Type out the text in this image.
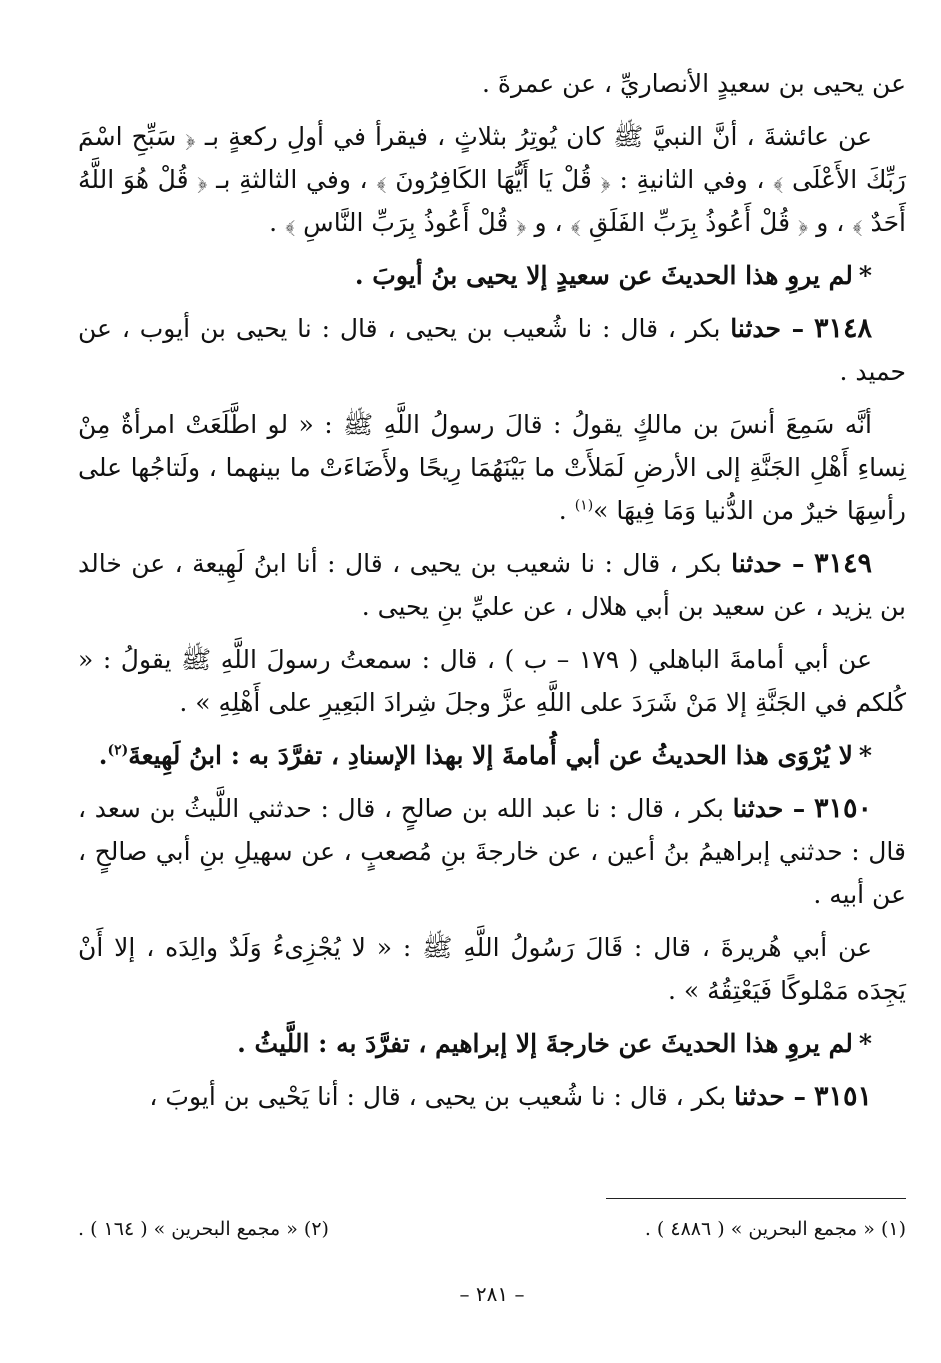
عن يحيى بن سعيدٍ الأنصاريِّ ، عن عمرةَ .

عن عائشةَ ، أنَّ النبيَّ ﷺ كان يُوتِرُ بثلاثٍ ، فيقرأ في أولِ ركعةٍ بـ ﴿ سَبِّحِ اسْمَ رَبِّكَ الأَعْلَى ﴾ ، وفي الثانيةِ : ﴿ قُلْ يَا أَيُّهَا الكَافِرُونَ ﴾ ، وفي الثالثةِ بـ ﴿ قُلْ هُوَ اللَّهُ أَحَدٌ ﴾ ، و ﴿ قُلْ أَعُوذُ بِرَبِّ الفَلَقِ ﴾ ، و ﴿ قُلْ أَعُوذُ بِرَبِّ النَّاسِ ﴾ .

*لم يروِ هذا الحديثَ عن سعيدٍ إلا يحيى بنُ أيوبَ .

٣١٤٨ – حدثنا بكر ، قال : نا شُعيب بن يحيى ، قال : نا يحيى بن أيوب ، عن حميد .

أنَّه سَمِعَ أنسَ بن مالكٍ يقولُ : قالَ رسولُ اللَّهِ ﷺ : « لو اطَّلَعَتْ امرأةٌ مِنْ نِساءِ أَهْلِ الجَنَّةِ إلى الأرضِ لَمَلأَتْ ما بَيْنَهُمَا رِيحًا ولأَضَاءَتْ ما بينهما ، ولَتاجُها على رأسِهَا خيرٌ من الدُّنيا وَمَا فِيهَا »$^{(١)}$ .

٣١٤٩ – حدثنا بكر ، قال : نا شعيب بن يحيى ، قال : أنا ابنُ لَهِيعة ، عن خالد بن يزيد ، عن سعيد بن أبي هلال ، عن عليِّ بنِ يحيى .

عن أبي أمامةَ الباهلي ( ١٧٩ – ب ) ، قال : سمعتُ رسولَ اللَّهِ ﷺ يقولُ : « كُلكم في الجَنَّةِ إلا مَنْ شَرَدَ على اللَّهِ عزَّ وجلَ شِرادَ البَعِيرِ على أَهْلِهِ » .

*لا يُرْوَى هذا الحديثُ عن أبي أُمامةَ إلا بهذا الإسنادِ ، تفرَّدَ به : ابنُ لَهِيعةَ$^{(٢)}$.

٣١٥٠ – حدثنا بكر ، قال : نا عبد الله بن صالحٍ ، قال : حدثني اللَّيثُ بن سعد ، قال : حدثني إبراهيمُ بنُ أعين ، عن خارجةَ بنِ مُصعبٍ ، عن سهيلِ بنِ أبي صالحٍ ، عن أبيه .

عن أبي هُريرةَ ، قال : قَالَ رَسُولُ اللَّهِ ﷺ : « لا يُجْزِىءُ وَلَدٌ والِدَه ، إلا أَنْ يَجِدَه مَمْلوكًا فَيَعْتِقُهُ » .

*لم يروِ هذا الحديثَ عن خارجةَ إلا إبراهيم ، تفرَّدَ به : اللَّيثُ .

٣١٥١ – حدثنا بكر ، قال : نا شُعيب بن يحيى ، قال : أنا يَحْيى بن أيوبَ ،

(١) « مجمع البحرين » ( ٤٨٨٦ ) .
(٢) « مجمع البحرين » ( ١٦٤ ) .
– ٢٨١ –
